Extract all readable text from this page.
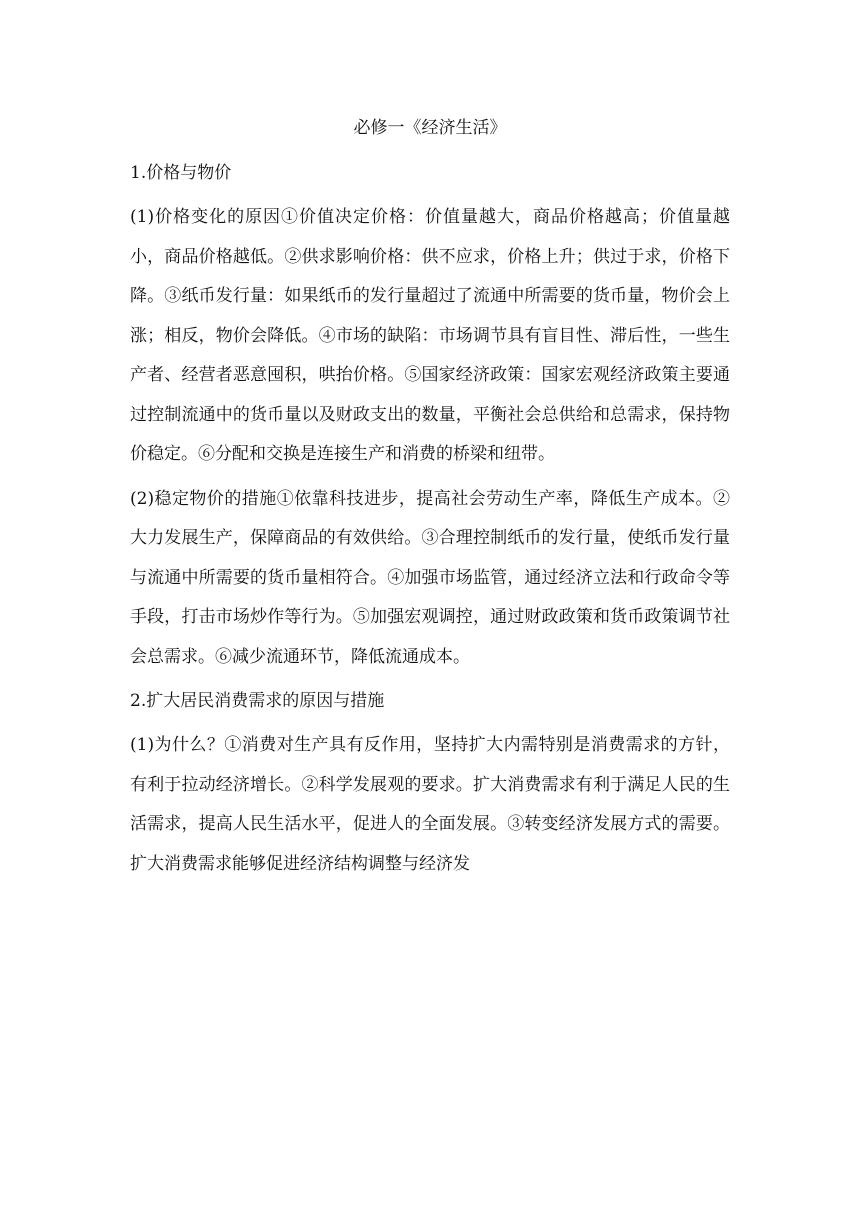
必修一《经济生活》

1.价格与物价

(1)价格变化的原因①价值决定价格：价值量越大，商品价格越高；价值量越小，商品价格越低。②供求影响价格：供不应求，价格上升；供过于求，价格下降。③纸币发行量：如果纸币的发行量超过了流通中所需要的货币量，物价会上涨；相反，物价会降低。④市场的缺陷：市场调节具有盲目性、滞后性，一些生产者、经营者恶意囤积，哄抬价格。⑤国家经济政策：国家宏观经济政策主要通过控制流通中的货币量以及财政支出的数量，平衡社会总供给和总需求，保持物价稳定。⑥分配和交换是连接生产和消费的桥梁和纽带。

(2)稳定物价的措施①依靠科技进步，提高社会劳动生产率，降低生产成本。②大力发展生产，保障商品的有效供给。③合理控制纸币的发行量，使纸币发行量与流通中所需要的货币量相符合。④加强市场监管，通过经济立法和行政命令等手段，打击市场炒作等行为。⑤加强宏观调控，通过财政政策和货币政策调节社会总需求。⑥减少流通环节，降低流通成本。

2.扩大居民消费需求的原因与措施

(1)为什么？①消费对生产具有反作用，坚持扩大内需特别是消费需求的方针，有利于拉动经济增长。②科学发展观的要求。扩大消费需求有利于满足人民的生活需求，提高人民生活水平，促进人的全面发展。③转变经济发展方式的需要。扩大消费需求能够促进经济结构调整与经济发
